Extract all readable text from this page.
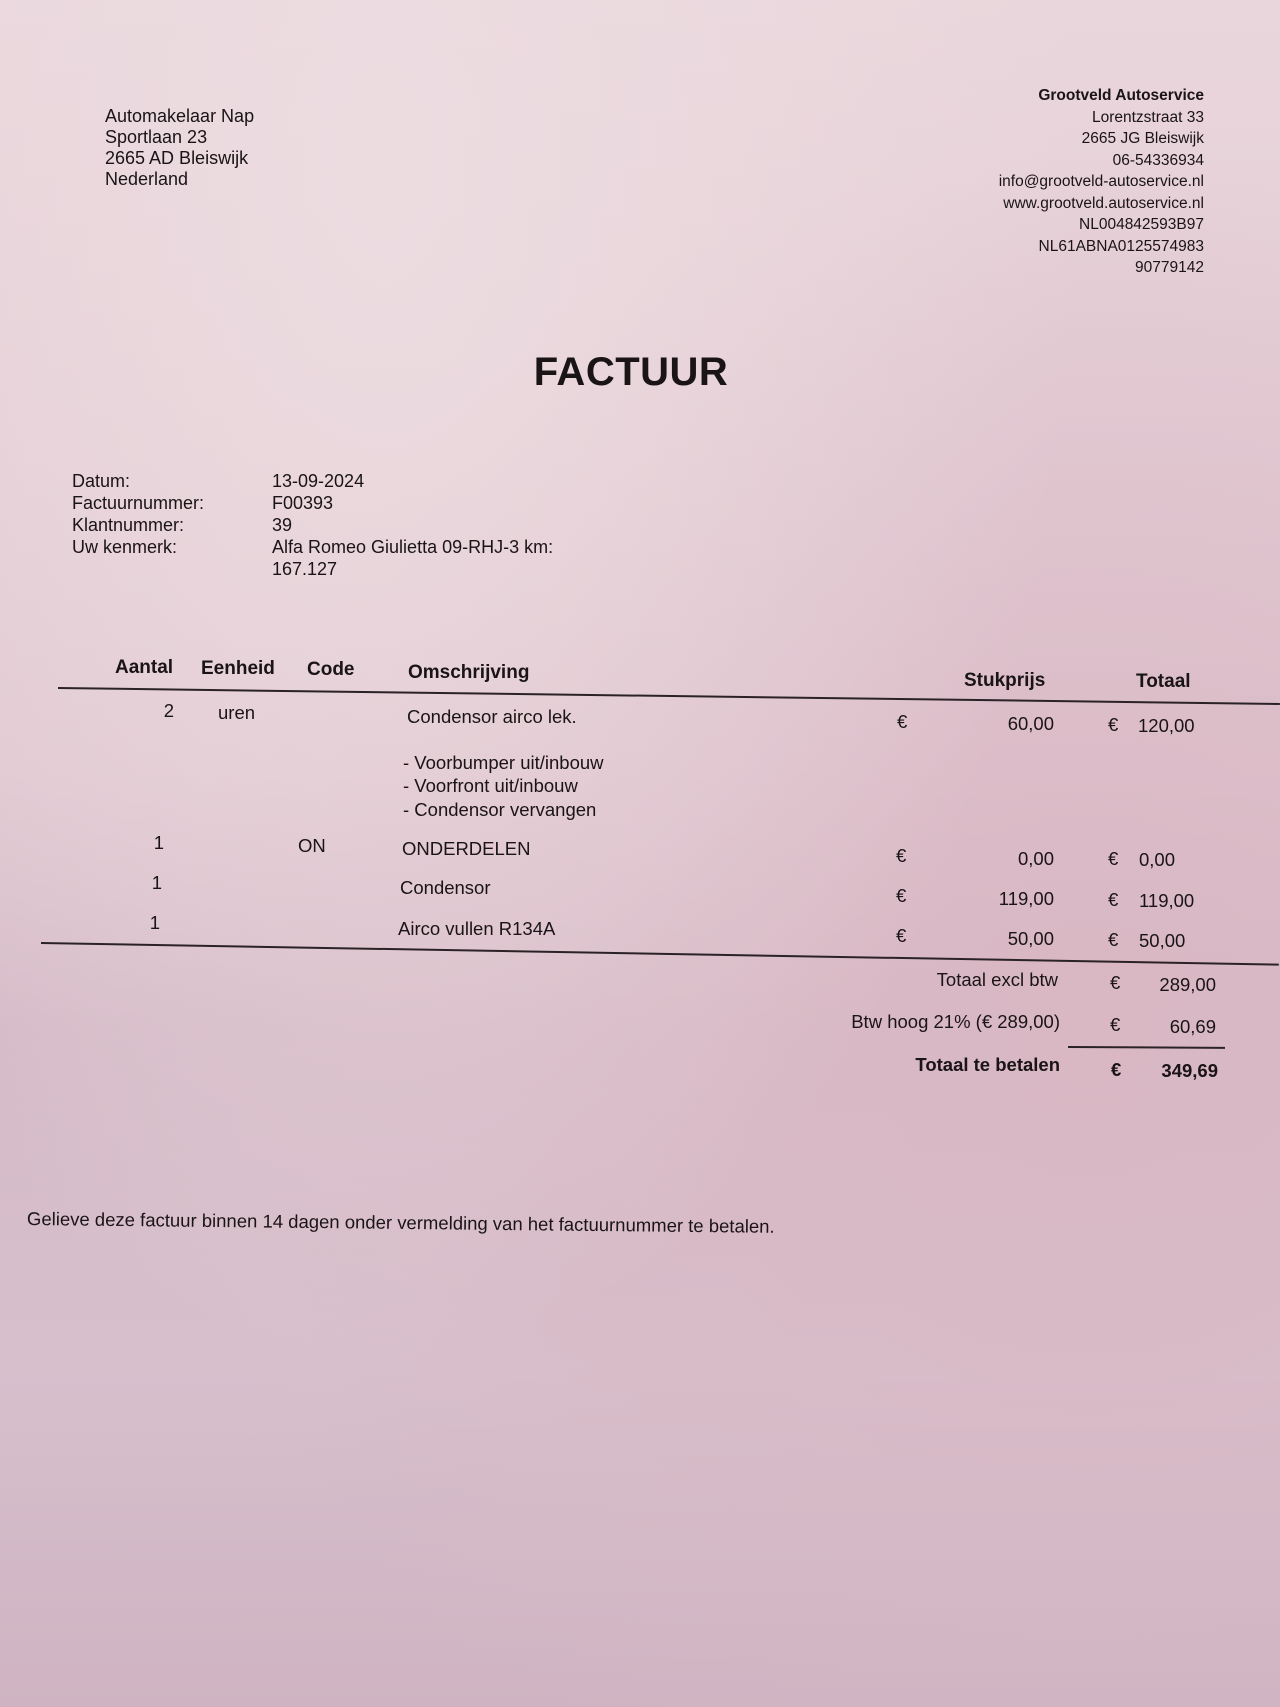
Automakelaar Nap
Sportlaan 23
2665 AD Bleiswijk
Nederland
Grootveld Autoservice
Lorentzstraat 33
2665 JG Bleiswijk
06-54336934
info@grootveld-autoservice.nl
www.grootveld.autoservice.nl
NL004842593B97
NL61ABNA0125574983
90779142
FACTUUR
Datum:	13-09-2024
Factuurnummer:	F00393
Klantnummer:	39
Uw kenmerk:	Alfa Romeo Giulietta 09-RHJ-3 km: 167.127
Aantal Eenheid Code	Omschrijving	Stukprijs	Totaal
2 uren	Condensor airco lek.	€	60,00	€ 120,00
- Voorbumper uit/inbouw
- Voorfront uit/inbouw
- Condensor vervangen
1	ON	ONDERDELEN	€	0,00	€ 0,00
1	Condensor	€	119,00	€ 119,00
1	Airco vullen R134A	€	50,00	€ 50,00
Totaal excl btw	€	289,00
Btw hoog 21% (€ 289,00)	€	60,69
Totaal te betalen	€	349,69
Gelieve deze factuur binnen 14 dagen onder vermelding van het factuurnummer te betalen.
